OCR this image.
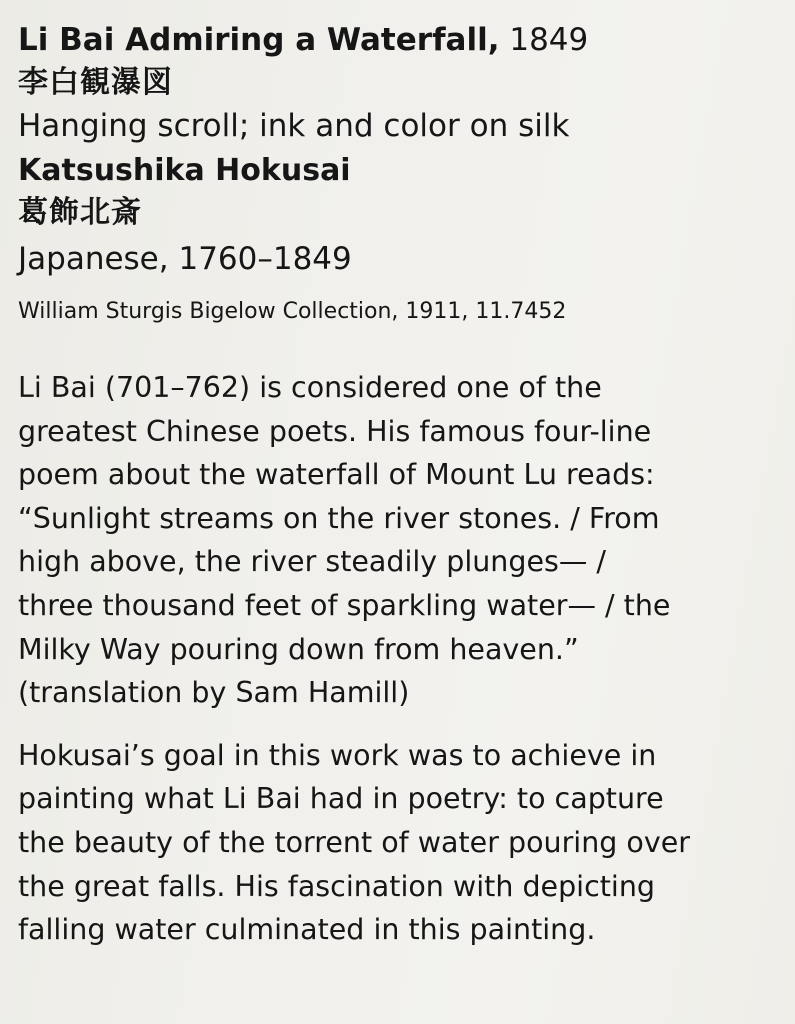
Li Bai Admiring a Waterfall, 1849
李白観瀑図
Hanging scroll; ink and color on silk
Katsushika Hokusai
葛飾北斎
Japanese, 1760–1849
William Sturgis Bigelow Collection, 1911, 11.7452
Li Bai (701–762) is considered one of the
greatest Chinese poets. His famous four-line
poem about the waterfall of Mount Lu reads:
“Sunlight streams on the river stones. / From
high above, the river steadily plunges— /
three thousand feet of sparkling water— / the
Milky Way pouring down from heaven.”
(translation by Sam Hamill)
Hokusai’s goal in this work was to achieve in
painting what Li Bai had in poetry: to capture
the beauty of the torrent of water pouring over
the great falls. His fascination with depicting
falling water culminated in this painting.
